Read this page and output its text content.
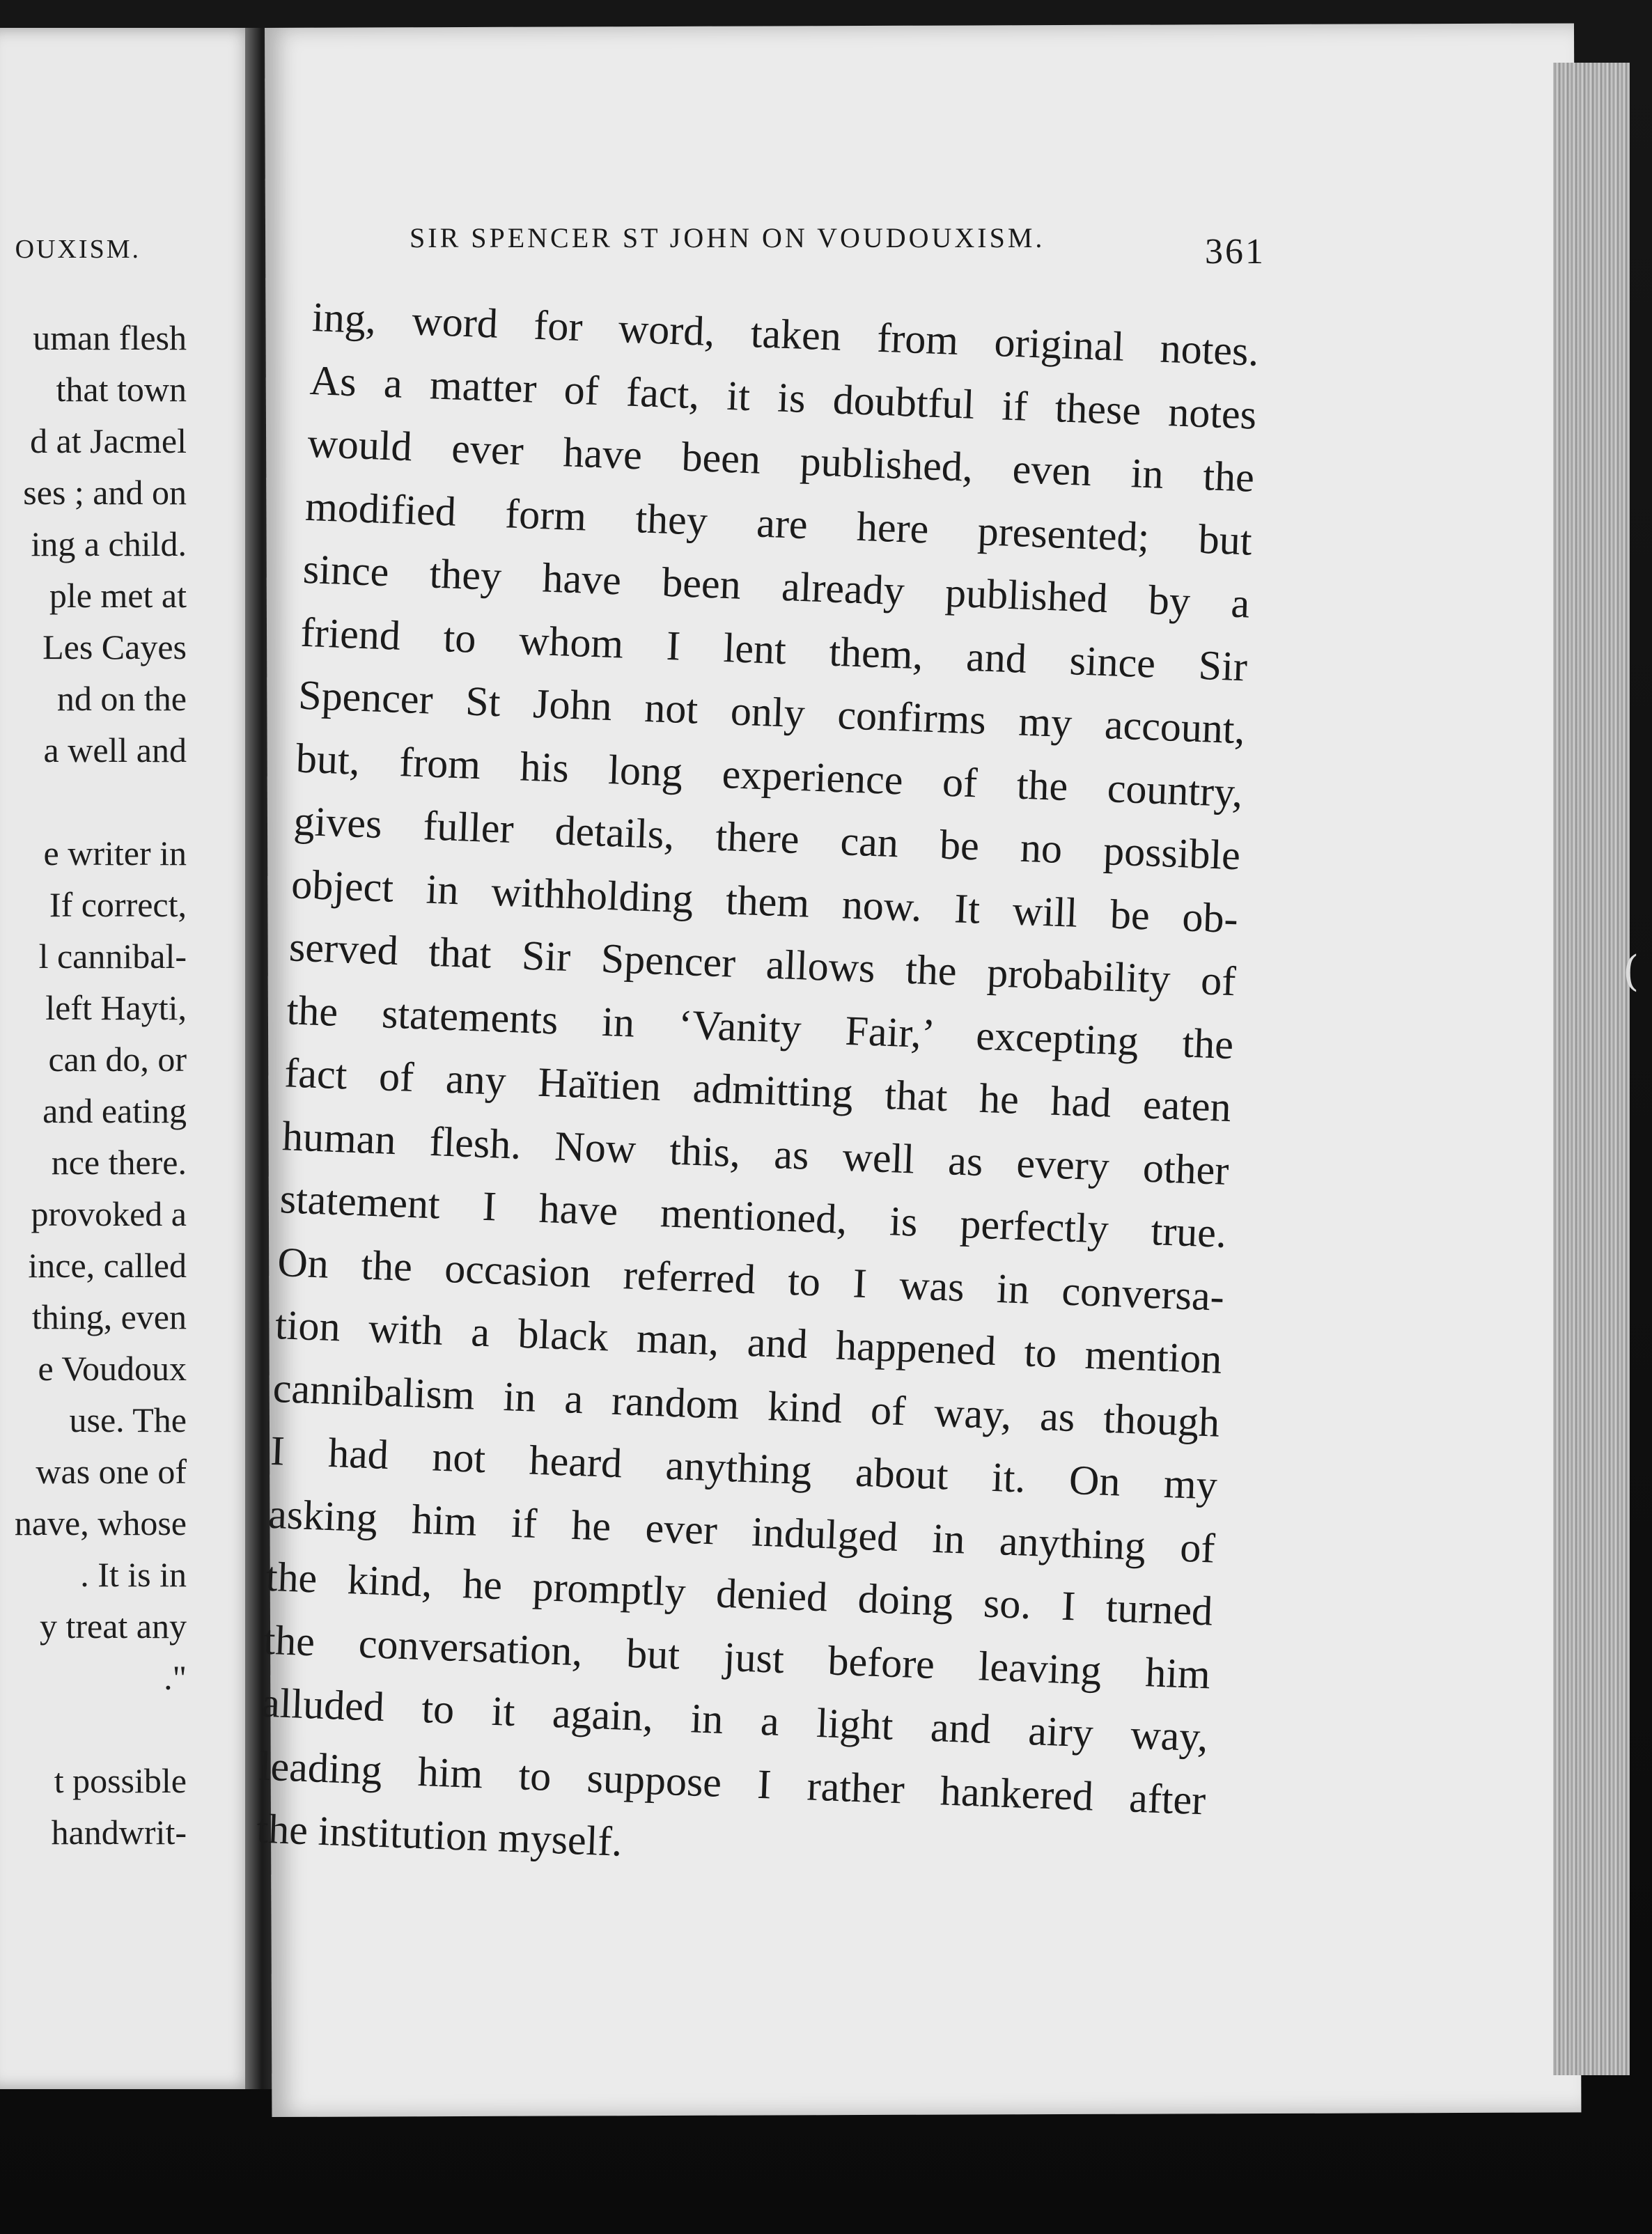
OUXISM.
uman flesh
that town
d at Jacmel
ses ; and on
ing a child.
ple met at
Les Cayes
nd on the
a well and
e writer in
If correct,
l cannibal-
left Hayti,
can do, or
and eating
nce there.
provoked a
ince, called
thing, even
e Voudoux
use. The
was one of
nave, whose
. It is in
y treat any
."
t possible
handwrit-
SIR SPENCER ST JOHN ON VOUDOUXISM.	361
ing, word for word, taken from original notes.
As a matter of fact, it is doubtful if these notes
would ever have been published, even in the
modified form they are here presented; but
since they have been already published by a
friend to whom I lent them, and since Sir
Spencer St John not only confirms my account,
but, from his long experience of the country,
gives fuller details, there can be no possible
object in withholding them now. It will be ob-
served that Sir Spencer allows the probability of
the statements in ‘Vanity Fair,’ excepting the
fact of any Haïtien admitting that he had eaten
human flesh. Now this, as well as every other
statement I have mentioned, is perfectly true.
On the occasion referred to I was in conversa-
tion with a black man, and happened to mention
cannibalism in a random kind of way, as though
I had not heard anything about it. On my
asking him if he ever indulged in anything of
the kind, he promptly denied doing so. I turned
the conversation, but just before leaving him
alluded to it again, in a light and airy way,
leading him to suppose I rather hankered after
the institution myself.
(
